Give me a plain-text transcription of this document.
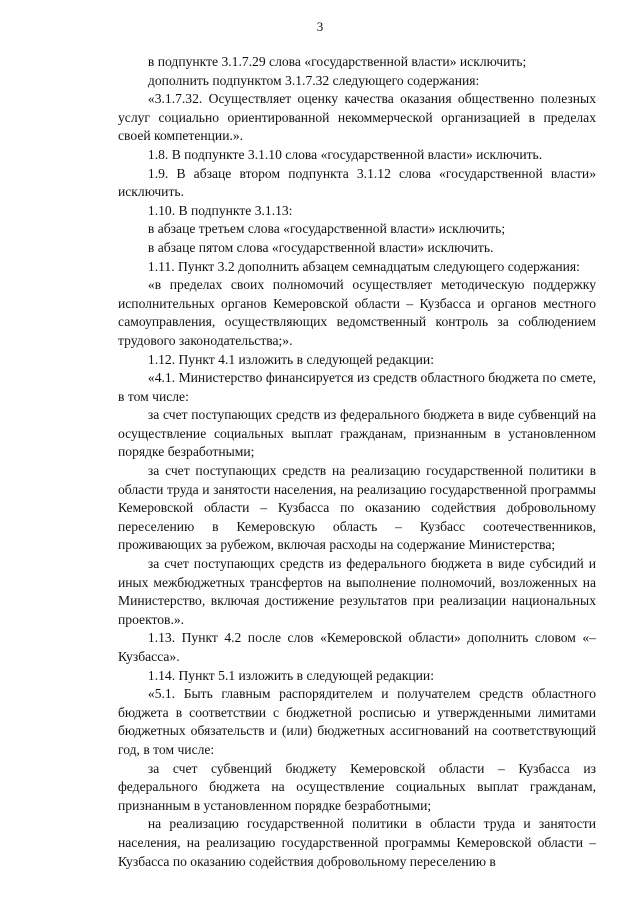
3

в подпункте 3.1.7.29 слова «государственной власти» исключить;

дополнить подпунктом 3.1.7.32 следующего содержания:

«3.1.7.32. Осуществляет оценку качества оказания общественно полезных услуг социально ориентированной некоммерческой организацией в пределах своей компетенции.».

1.8. В подпункте 3.1.10 слова «государственной власти» исключить.

1.9. В абзаце втором подпункта 3.1.12 слова «государственной власти» исключить.

1.10. В подпункте 3.1.13:

в абзаце третьем слова «государственной власти» исключить;

в абзаце пятом слова «государственной власти» исключить.

1.11. Пункт 3.2 дополнить абзацем семнадцатым следующего содержания:

«в пределах своих полномочий осуществляет методическую поддержку исполнительных органов Кемеровской области – Кузбасса и органов местного самоуправления, осуществляющих ведомственный контроль за соблюдением трудового законодательства;».

1.12. Пункт 4.1 изложить в следующей редакции:

«4.1. Министерство финансируется из средств областного бюджета по смете, в том числе:

за счет поступающих средств из федерального бюджета в виде субвенций на осуществление социальных выплат гражданам, признанным в установленном порядке безработными;

за счет поступающих средств на реализацию государственной политики в области труда и занятости населения, на реализацию государственной программы Кемеровской области – Кузбасса по оказанию содействия добровольному переселению в Кемеровскую область – Кузбасс соотечественников, проживающих за рубежом, включая расходы на содержание Министерства;

за счет поступающих средств из федерального бюджета в виде субсидий и иных межбюджетных трансфертов на выполнение полномочий, возложенных на Министерство, включая достижение результатов при реализации национальных проектов.».

1.13. Пункт 4.2 после слов «Кемеровской области» дополнить словом «– Кузбасса».

1.14. Пункт 5.1 изложить в следующей редакции:

«5.1. Быть главным распорядителем и получателем средств областного бюджета в соответствии с бюджетной росписью и утвержденными лимитами бюджетных обязательств и (или) бюджетных ассигнований на соответствующий год, в том числе:

за счет субвенций бюджету Кемеровской области – Кузбасса из федерального бюджета на осуществление социальных выплат гражданам, признанным в установленном порядке безработными;

на реализацию государственной политики в области труда и занятости населения, на реализацию государственной программы Кемеровской области – Кузбасса по оказанию содействия добровольному переселению в
